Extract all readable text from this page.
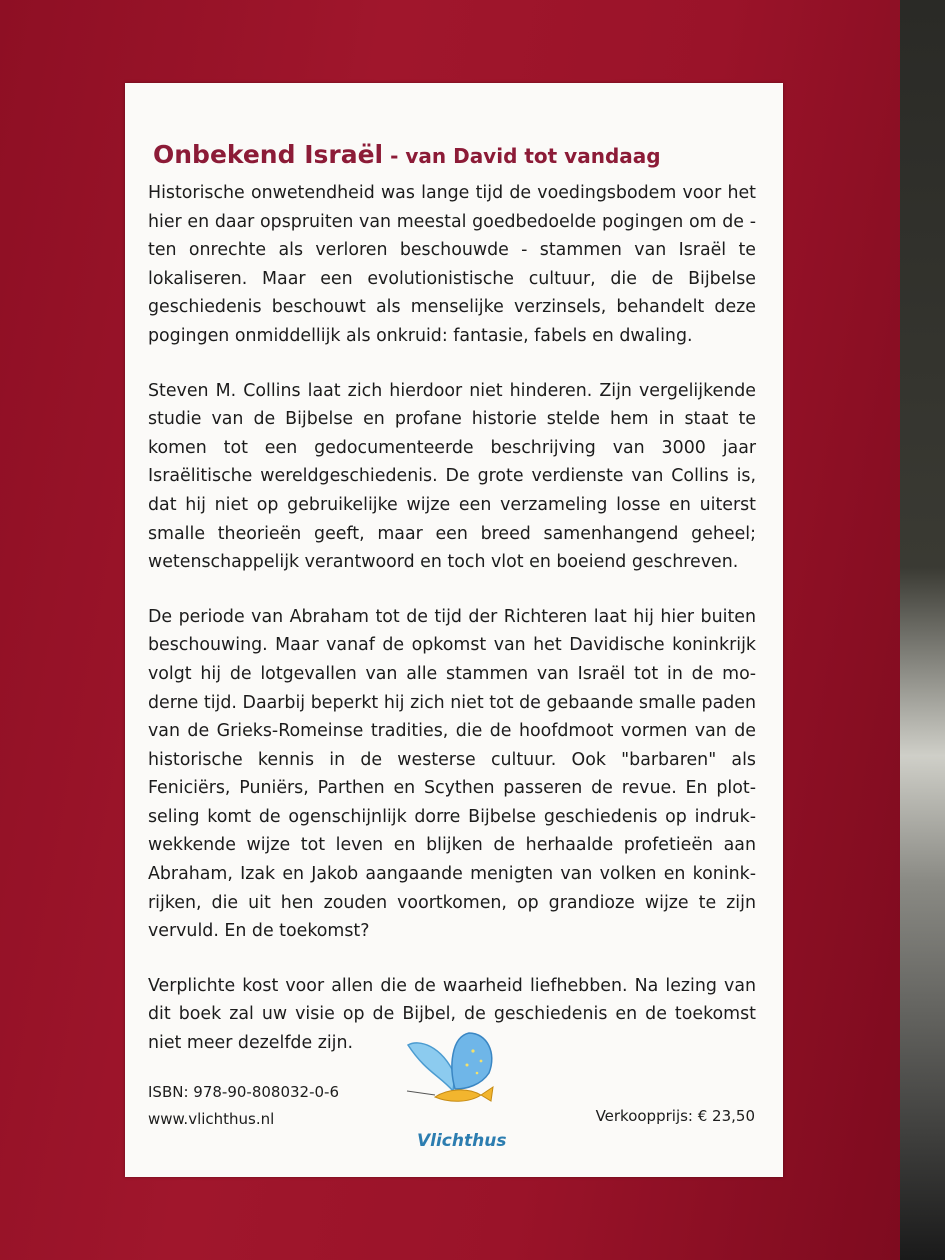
Onbekend Israël - van David tot vandaag

Historische onwetendheid was lange tijd de voedingsbodem voor het hier en daar opspruiten van meestal goedbedoelde pogingen om de - ten onrechte als verloren beschouwde - stammen van Israël te lokaliseren. Maar een evolutionistische cultuur, die de Bijbelse geschiedenis beschouwt als menselijke verzinsels, behandelt deze pogingen onmiddellijk als onkruid: fantasie, fabels en dwaling.

Steven M. Collins laat zich hierdoor niet hinderen. Zijn vergelijkende studie van de Bijbelse en profane historie stelde hem in staat te komen tot een gedocumenteerde beschrijving van 3000 jaar Israëlitische wereldgeschiedenis. De grote verdienste van Collins is, dat hij niet op gebruikelijke wijze een verzameling losse en uiterst smalle theorieën geeft, maar een breed samenhangend geheel; wetenschappelijk verantwoord en toch vlot en boeiend geschreven.

De periode van Abraham tot de tijd der Richteren laat hij hier buiten beschouwing. Maar vanaf de opkomst van het Davidische koninkrijk volgt hij de lotgevallen van alle stammen van Israël tot in de moderne tijd. Daarbij beperkt hij zich niet tot de gebaande smalle paden van de Grieks-Romeinse tradities, die de hoofdmoot vormen van de historische kennis in de westerse cultuur. Ook "barbaren" als Feniciërs, Puniërs, Parthen en Scythen passeren de revue. En plotseling komt de ogenschijnlijk dorre Bijbelse geschiedenis op indrukwekkende wijze tot leven en blijken de herhaalde profetieën aan Abraham, Izak en Jakob aangaande menigten van volken en koninkrijken, die uit hen zouden voortkomen, op grandioze wijze te zijn vervuld. En de toekomst?

Verplichte kost voor allen die de waarheid liefhebben. Na lezing van dit boek zal uw visie op de Bijbel, de geschiedenis en de toekomst niet meer dezelfde zijn.

ISBN: 978-90-808032-0-6
www.vlichthus.nl
Vlichthus
Verkoopprijs: € 23,50
